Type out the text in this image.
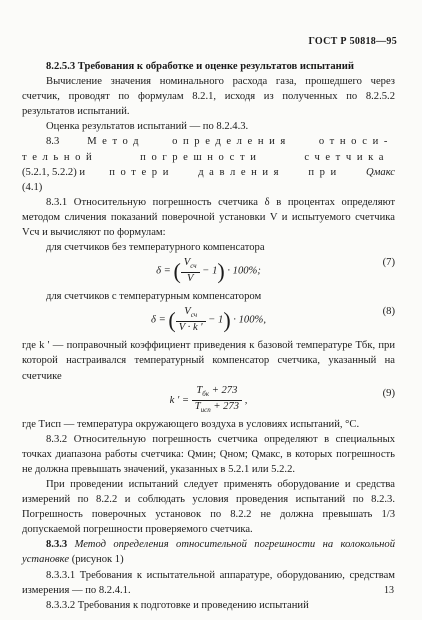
ГОСТ Р 50818—95

8.2.5.3 Требования к обработке и оценке результатов испытаний

Вычисление значения номинального расхода газа, прошедшего через счетчик, проводят по формулам 8.2.1, исходя из полученных по 8.2.5.2 результатов испытаний.

Оценка результатов испытаний — по 8.2.4.3.

8.3	Метод	определения	относи-
тельной	погрешности	счетчика
(5.2.1, 5.2.2) и потери давления при Qмакс
(4.1)

8.3.1 Относительную погрешность счетчика δ в процентах определяют методом сличения показаний поверочной установки V и испытуемого счетчика Vсч и вычисляют по формулам:

для счетчиков без температурного компенсатора

δ = ( $\frac{V_{сч}}{V} - 1) \cdot 100\%$;
(7)

для счетчиков с температурным компенсатором

δ = ( $\frac{V_{сч}}{V \cdot k '} - 1) \cdot 100\%$,
(8)

где k ' — поправочный коэффициент приведения к базовой температуре Tбк, при которой настраивался температурный компенсатор счетчика, указанный на счетчике

k ' = $\frac{T_{бк} + 273}{T_{исп} + 273}$ ,
(9)

где Tисп — температура окружающего воздуха в условиях испытаний, °С.

8.3.2 Относительную погрешность счетчика определяют в специальных точках диапазона работы счетчика: Qмин; Qном; Qмакс, в которых погрешность не должна превышать значений, указанных в 5.2.1 или 5.2.2.

При проведении испытаний следует применять оборудование и средства измерений по 8.2.2 и соблюдать условия проведения испытаний по 8.2.3. Погрешность поверочных установок по 8.2.2 не должна превышать 1/3 допускаемой погрешности проверяемого счетчика.

8.3.3 Метод определения относительной погрешности на колокольной установке (рисунок 1)

8.3.3.1 Требования к испытательной аппаратуре, оборудованию, средствам измерения — по 8.2.4.1.

8.3.3.2 Требования к подготовке и проведению испытаний

13
